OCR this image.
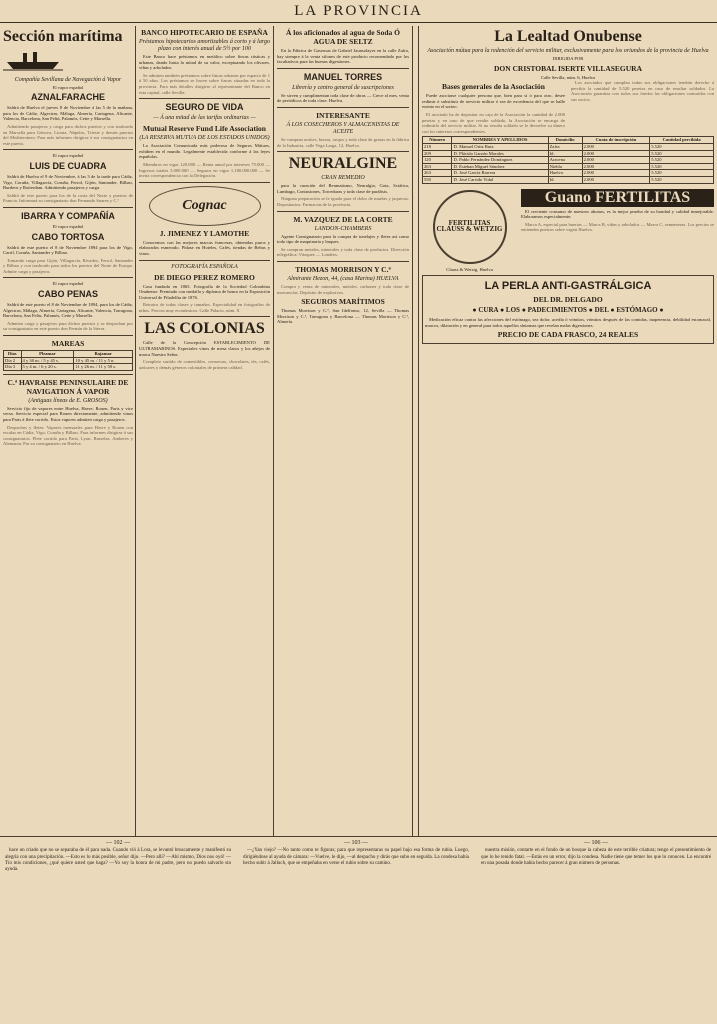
LA PROVINCIA
Sección marítima
Compañía Sevillana de Navegación á Vapor
El vapor español
AZNALFARACHE

Saldrá de Huelva el jueves 8 de Noviembre á las 5 de la mañana, para los de Cádiz, Algeciras, Málaga, Almería, Cartagena, Alicante, Valencia, Barcelona, San Feliú, Palamós, Cette y Marsella.

Admitiendo pasajeros y carga para dichos puertos y con trasbordo en Marsella para Génova, Liorna, Nápoles, Trieste y demás puertos del Mediterráneo. Para más informes dirigirse á sus consignatarios en este puerto.

El vapor español
LUIS DE CUADRA

Saldrá de Huelva el 9 de Noviembre, á las 3 de la tarde para Cádiz, Vigo, Coruña, Villagarcía, Coruña, Ferrol, Gijón, Santander, Bilbao, Burdeos y Rotterdam. Admitiendo pasajeros y carga.

Saldrá de este puerto para los de la costa del Norte y puertos de Francia. Informará su consignatario don Fernando Suarez y C.ª

IBARRA Y COMPAÑÍA
El vapor español
CABO TORTOSA

Saldrá de este puerto el 8 de Noviembre 1894 para los de Vigo, Carril, Coruña, Santander y Bilbao.

Tomando carga para Gijón, Villagarcía, Rivadeo, Ferrol, Santander y Bilbao y con trasbordo para todos los puertos del Norte de Europa. Admite carga y pasajeros.

El vapor español
CABO PENAS

Saldrá de este puerto el 8 de Noviembre de 1894, para los de Cádiz, Algeciras, Málaga, Almería, Cartagena, Alicante, Valencia, Tarragona, Barcelona, San Feliu, Palamós, Cette y Marsella.

Admiten carga y pasajeros para dichos puertos y se despachan por su consignatario en este puerto don Fermín de la Sierra.

MAREAS
Días	Pleamar	Bajamar
Día 2	4 y 30 m. / 5 y 45 s.	10 y 45 m. / 11 y 5 n.
Día 3	5 y 4 m. / 6 y 20 s.	11 y 26 m. / 11 y 50 s.
C.ª HAVRAISE PENINSULAIRE DE NAVIGATION Á VAPOR
(Antiguas líneas de E. GROSOS)

Servicio fijo de vapores entre Huelva, Havre, Rouen, Paris y vice versa. Servicio especial para Rouen directamente, admitiendo vinos para Paris á flete corrido. Estos vapores admiten carga y pasajeros.

Despachos y fletes: Vapores mensuales para Havre y Rouen con escalas en Cádiz, Vigo, Coruña y Bilbao. Para informes dirigirse á sus consignatarios. Flete corrido para Paris, Lyon, Bruselas, Amberes y Alemania. Por su consignatario en Huelva.

BANCO HIPOTECARIO DE ESPAÑA
Préstamos hipotecarios amortizables á corto y á largo plazo con interés anual de 5½ por 100

Este Banco hace préstamos en metálico sobre fincas rústicas y urbanas, dando hasta la mitad de su valor, exceptuando los olivares, viñas y arbolados.

Se admiten también préstamos sobre fincas urbanas por espacio de 1 á 50 años. Los préstamos se hacen sobre fincas situadas en toda la provincia. Para más detalles dirigirse al representante del Banco en esta capital, calle Sevilla.

SEGURO DE VIDA
— Á una mitad de las tarifas ordinarias —
Mutual Reserve Fund Life Association
(LA RESERVA MUTUA DE LOS ESTADOS UNIDOS)

La Asociación Comunicada más poderosa de Seguros Mútuos, exhiben en el mundo. Legalmente establecida conforme á las leyes españolas.

Miembros en vigor 120.000 — Renta anual por intereses 75.000 — Ingresos totales 3.000.000 — Seguros en vigor 1.180.000.000 — Se invita correspondencia con la Delegación.

Cognac
J. JIMENEZ Y LAMOTHE

Conocemos con las mejores marcas francesas, obtenidas puros y elaborados esmerado. Pídase en Hoteles, Cafés, tiendas de Bebas y vinos.

FOTOGRAFÍA ESPAÑOLA
DE DIEGO PEREZ ROMERO

Casa fundada en 1865. Fotografía de la Sociedad Colombina Onubense. Premiado con medalla y diploma de honor en la Exposición Universal de Filadelfia de 1876.

Retratos de todas clases y tamaños. Especialidad en fotografías de niños. Precios muy económicos. Calle Palacio, núm. 8.

LAS COLONIAS

Calle de la Concepción ESTABLECIMIENTO DE ULTRAMARINOS. Especiales vinos de mesa claros y los añejos de marca Nuestro Señor.

Completo surtido de comestibles, conservas, chocolates, tés, cafés, azúcares y demás géneros coloniales de primera calidad.

Á los aficionados al agua de Soda Ó AGUA DE SELTZ

En la Fábrica de Gaseosas de Gabriel Jaunsolayes en la calle Zafra, hay siempre á la venta sifones de este producto recomendado por los facultativos para las buenas digestiones.

MANUEL TORRES
Librería y centro general de suscripciones

Se sirven y cumplimentan toda clase de obras — Crece al mes, venta de periódicos de toda clase. Huelva.

INTERESANTE
Á LOS COSECHEROS Y ALMACENISTAS DE ACEITE

Se compran aceites, borras, orujos y toda clase de grasas en la fábrica de la Industria, calle Vega Larga, 12, Huelva.

NEURALGINE
CRAN REMEDIO

para la curación del Reumatismo, Neuralgia, Gota, Sciática, Lumbago, Contusiones, Torceduras y toda clase de parálisis.

Ninguna preparación se le iguala para el dolor de muelas y jaquecas. Depositarios: Farmacias de la provincia.

M. VAZQUEZ DE LA CORTE
LANDON-CHAMBERS

Agente Consignatario para la compra de tonelajes y fletes así como todo tipo de maquinaria y buques.

Se compran metales, minerales y toda clase de productos. Dirección telegráfica: Vázquez — Londres.

THOMAS MORRISON Y C.ª
Almirante Hezon, 44, (casa Marina) HUELVA

Compra y venta de minerales, metales, carbones y toda clase de mercancías. Depósito de explosivos.

SEGUROS MARÍTIMOS

Thomas Morrison y C.ª, San Idelfonso, 12, Sevilla — Thomas Morrison y C.ª, Tarragona y Barcelona — Thomas Morrison y C.ª, Almería.

La Lealtad Onubense
Asociación mútua para la redención del servicio militar, exclusivamente para los oriundos de la provincia de Huelva
DIRIGIDA POR
DON CRISTOBAL ISERTE VILLASEGURA
Calle Sevilla, núm. 6, Huelva
Bases generales de la Asociación

Puede asociarse cualquier persona que, bien para sí ó para otro, desee redimir ó substituir de servicio militar ó sea de excedencia del que se halle exento en el sorteo.

El asociado ha de depositar en caja de la Asociación la cantidad de 2.000 pesetas y en caso de que resulte soldado, la Asociación se encarga de redimirlo del servicio militar. Si no resulta soldado se le devuelve su dinero con los intereses correspondientes.

Los asociados que cumplan todas sus obligaciones tendrán derecho á percibir la cantidad de 5.520 pesetas en caso de resultar soldados. La Asociación garantiza con todos sus fondos las obligaciones contraídas con sus socios.

Número	NOMBRES Y APELLIDOS	Domicilio	Cuota de inscripción	Cantidad percibida
218	D. Manuel Ortiz Ruiz	Zafra	2.000	5.520
209	D. Plácido Garzón Morales	Id.	2.000	5.520
120	D. Pablo Fernández Domínguez	Aracena	2.000	5.520
263	D. Esteban Miguel Sánchez	Niebla	2.000	5.520
263	D. José García Barrera	Huelva	2.000	5.520
550	D. José Carrido Vidal	Id.	2.000	5.520
FERTILITAS CLAUSS & WETZIG
Clauss & Wetzig, Huelva
Guano FERTILITAS

El creciente consumo de nuestros abonos, es la mejor prueba de su bondad y calidad inmejorable. Elaboramos especialmente:

Marca A, especial para huertas — Marca B, viñas y arbolados — Marca C, sementeras. Los precios se entienden puestos sobre vagón Huelva.

LA PERLA ANTI-GASTRÁLGICA
DEL DR. DELGADO
● CURA ● LOS ● PADECIMIENTOS ● DEL ● ESTÓMAGO ●

Medicación eficaz contra las afecciones del estómago, sea dolor, acedía ó vómitos, vómitos después de las comidas, inapetencia, debilidad estomacal, marcos, dilatación y en general para todos aquellos síntomas que revelan malas digestiones.

PRECIO DE CADA FRASCO, 24 REALES
— 102 —

hace un criado que no se separaba de él para nada. Cuando vió á Lora, se levantó bruscamente y manifestó su alegría con una precipitación. —Esto es lo más posible, señor dijo. —Pero allí? —Ahí mismo, Dios nos oyó! —Tío mis condiciones, ¿qué quiere usted que haga? —Yo soy la honra de mi padre, pero no puedo salvarlo sin ayuda.

— 103 —

—¿Yan viejo? —No tanto como te figuras; para que representaras su papel bajo esa forma de rubia. Luego, dirigiéndose al ayuda de cámara: —Vuelve, le dijo, —al despacho y dirás que subo en seguida. La condesa había hecho subir á Jalluch, que se empeñaba en verse el rubio sobre su camino.

— 106 —

nuestra misión, contarte en el fondo de un bosque la cabeza de este terrible criatura; tengo el presentimiento de que lo he tenido fatal. —Estás en un error, dijo la condesa. Nadie tiene que temer los que lo conocen. Lo encontré en una posada donde había hecho parecer á gran número de personas.
